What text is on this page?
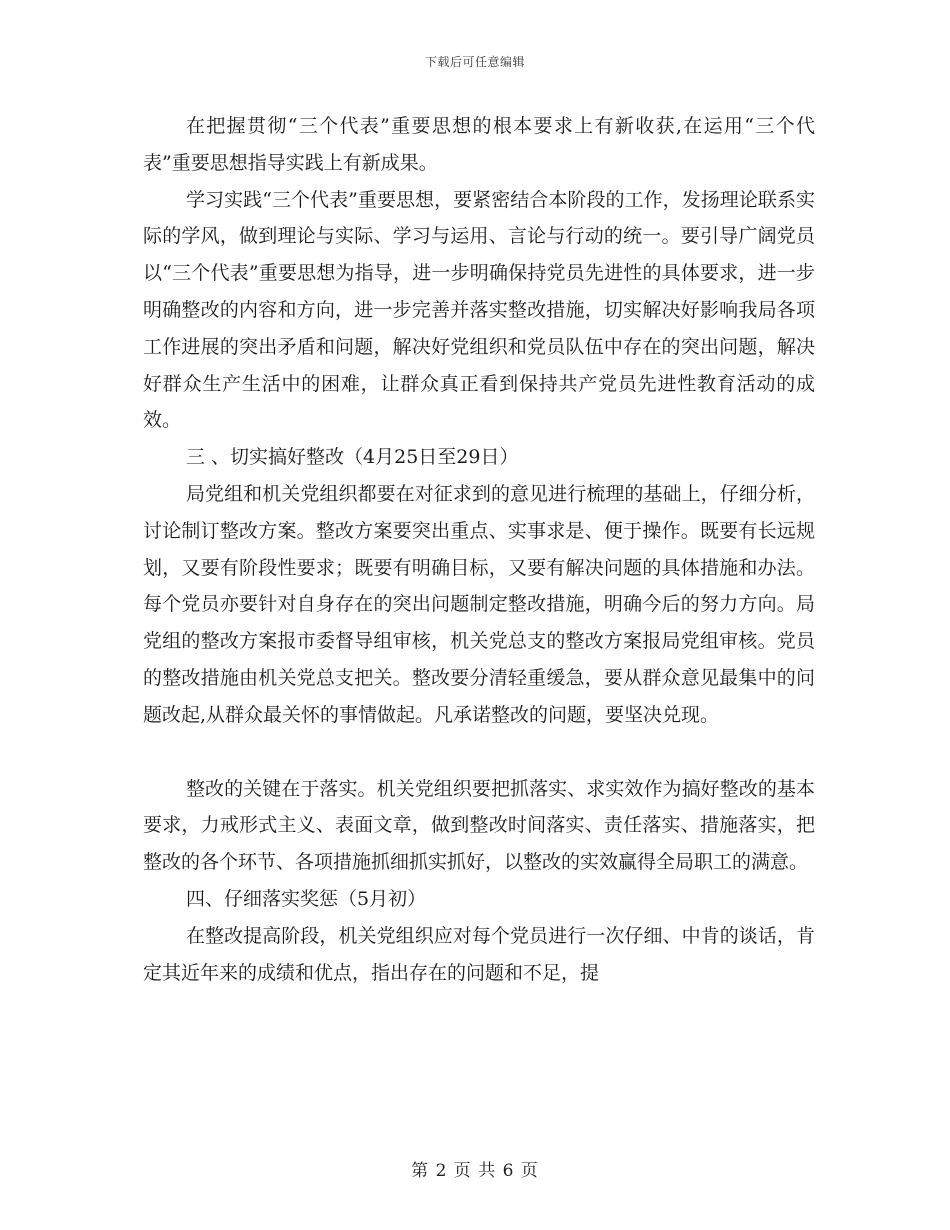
下载后可任意编辑

在把握贯彻“三个代表”重要思想的根本要求上有新收获,在运用“三个代表”重要思想指导实践上有新成果。

学习实践“三个代表”重要思想，要紧密结合本阶段的工作，发扬理论联系实际的学风，做到理论与实际、学习与运用、言论与行动的统一。要引导广阔党员以“三个代表”重要思想为指导，进一步明确保持党员先进性的具体要求，进一步明确整改的内容和方向，进一步完善并落实整改措施，切实解决好影响我局各项工作进展的突出矛盾和问题，解决好党组织和党员队伍中存在的突出问题，解决好群众生产生活中的困难，让群众真正看到保持共产党员先进性教育活动的成效。

三 、切实搞好整改（4月25日至29日）

局党组和机关党组织都要在对征求到的意见进行梳理的基础上，仔细分析，讨论制订整改方案。整改方案要突出重点、实事求是、便于操作。既要有长远规划，又要有阶段性要求；既要有明确目标，又要有解决问题的具体措施和办法。每个党员亦要针对自身存在的突出问题制定整改措施，明确今后的努力方向。局党组的整改方案报市委督导组审核，机关党总支的整改方案报局党组审核。党员的整改措施由机关党总支把关。整改要分清轻重缓急，要从群众意见最集中的问题改起,从群众最关怀的事情做起。凡承诺整改的问题，要坚决兑现。

整改的关键在于落实。机关党组织要把抓落实、求实效作为搞好整改的基本要求，力戒形式主义、表面文章，做到整改时间落实、责任落实、措施落实，把整改的各个环节、各项措施抓细抓实抓好，以整改的实效赢得全局职工的满意。

四、仔细落实奖惩（5月初）

在整改提高阶段，机关党组织应对每个党员进行一次仔细、中肯的谈话，肯定其近年来的成绩和优点，指出存在的问题和不足，提

第 2 页 共 6 页
